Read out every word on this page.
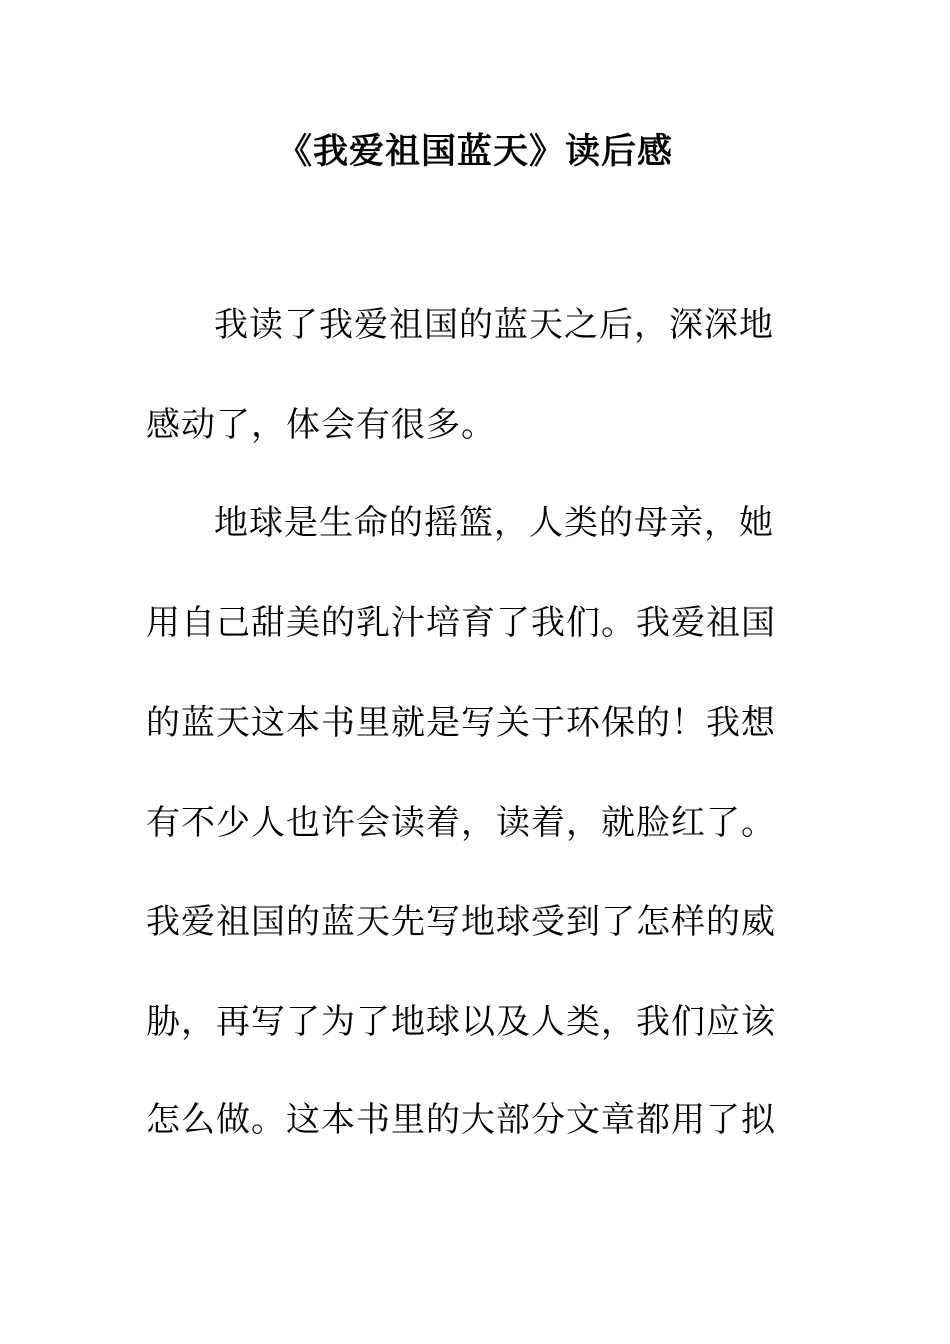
《我爱祖国蓝天》读后感

我读了我爱祖国的蓝天之后，深深地

感动了，体会有很多。

地球是生命的摇篮，人类的母亲，她

用自己甜美的乳汁培育了我们。我爱祖国

的蓝天这本书里就是写关于环保的！我想

有不少人也许会读着，读着，就脸红了。

我爱祖国的蓝天先写地球受到了怎样的威

胁，再写了为了地球以及人类，我们应该

怎么做。这本书里的大部分文章都用了拟
